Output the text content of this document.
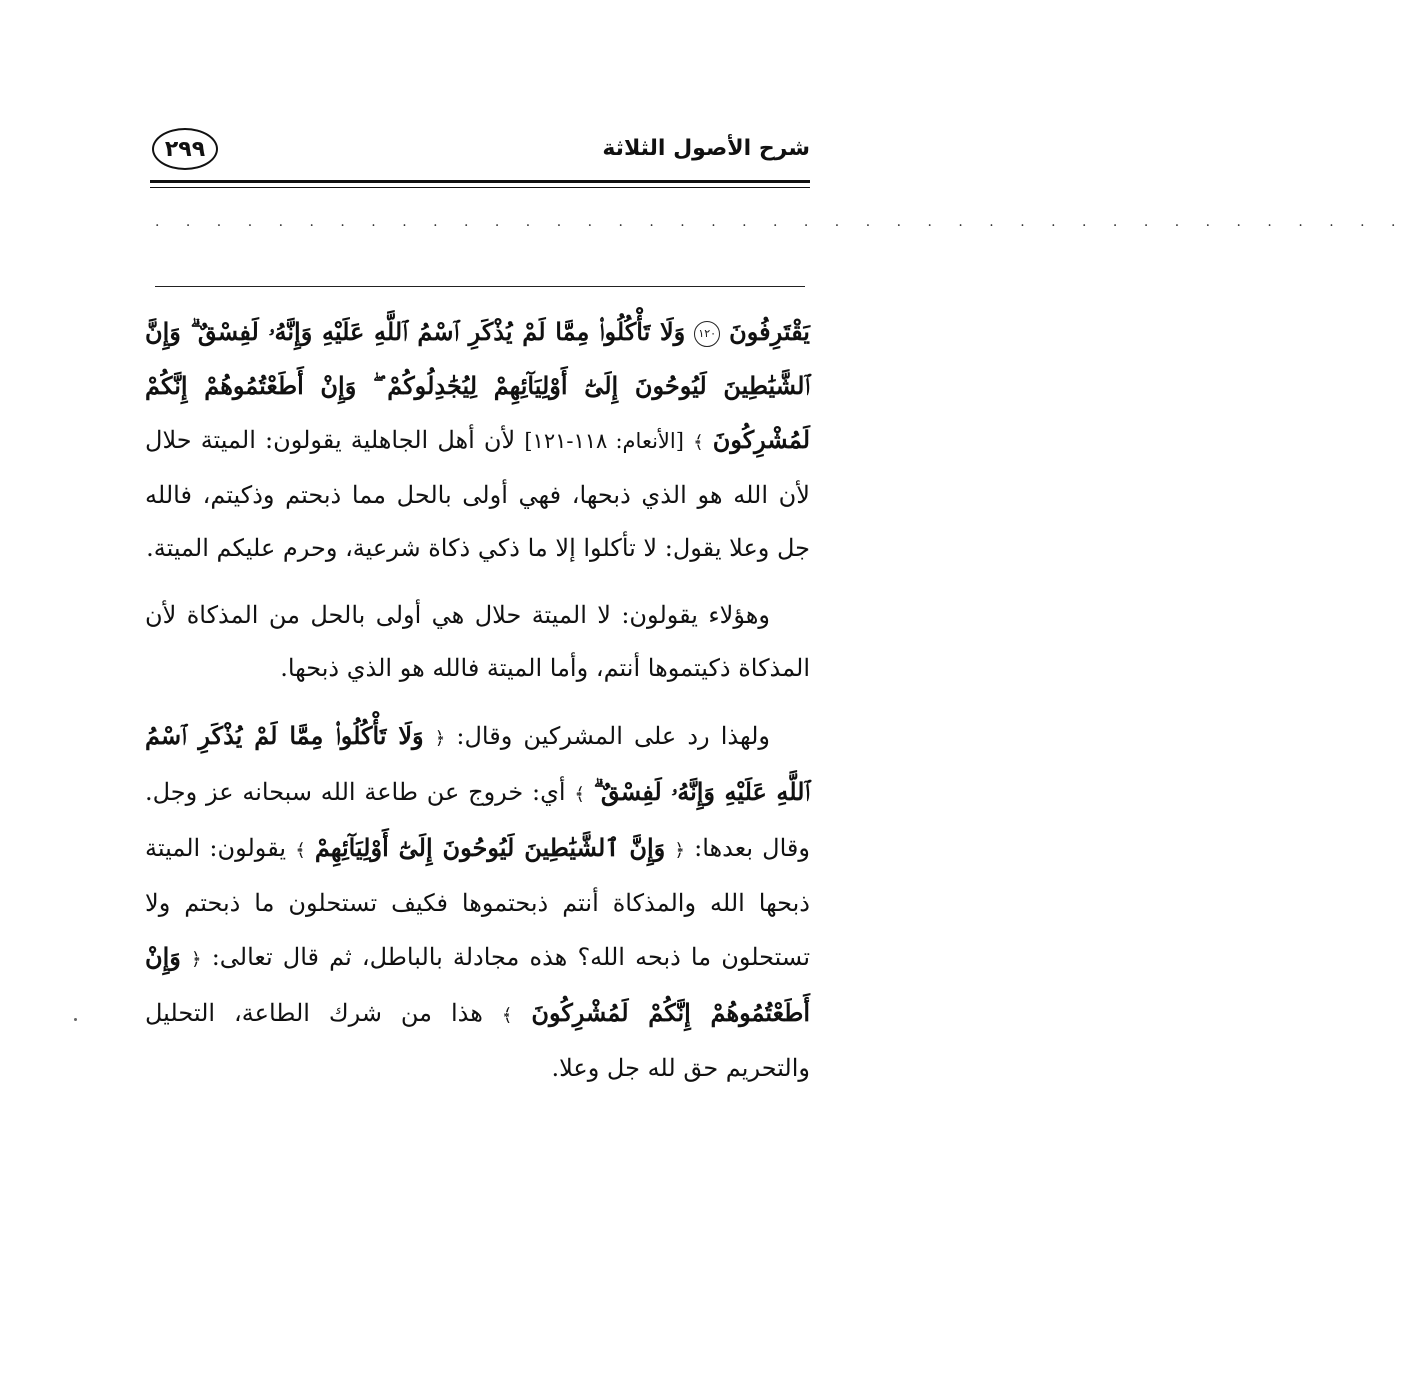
٢٩٩	شرح الأصول الثلاثة
· · · · · · · · · · · · · · · · · · · · · · · · · · · · · · · · · · · · · · · · ·

يَقْتَرِفُونَ ١٢٠ وَلَا تَأْكُلُوا۟ مِمَّا لَمْ يُذْكَرِ ٱسْمُ ٱللَّهِ عَلَيْهِ وَإِنَّهُۥ لَفِسْقٌ ۗ وَإِنَّ ٱلشَّيَٰطِينَ لَيُوحُونَ إِلَىٰٓ أَوْلِيَآئِهِمْ لِيُجَٰدِلُوكُمْ ۖ وَإِنْ أَطَعْتُمُوهُمْ إِنَّكُمْ لَمُشْرِكُونَ ﴾ [الأنعام: ١١٨-١٢١] لأن أهل الجاهلية يقولون: الميتة حلال لأن الله هو الذي ذبحها، فهي أولى بالحل مما ذبحتم وذكيتم، فالله جل وعلا يقول: لا تأكلوا إلا ما ذكي ذكاة شرعية، وحرم عليكم الميتة.

وهؤلاء يقولون: لا الميتة حلال هي أولى بالحل من المذكاة لأن المذكاة ذكيتموها أنتم، وأما الميتة فالله هو الذي ذبحها.

ولهذا رد على المشركين وقال: ﴿ وَلَا تَأْكُلُوا۟ مِمَّا لَمْ يُذْكَرِ ٱسْمُ ٱللَّهِ عَلَيْهِ وَإِنَّهُۥ لَفِسْقٌ ۗ ﴾ أي: خروج عن طاعة الله سبحانه عز وجل. وقال بعدها: ﴿ وَإِنَّ ٱلشَّيَٰطِينَ لَيُوحُونَ إِلَىٰٓ أَوْلِيَآئِهِمْ ﴾ يقولون: الميتة ذبحها الله والمذكاة أنتم ذبحتموها فكيف تستحلون ما ذبحتم ولا تستحلون ما ذبحه الله؟ هذه مجادلة بالباطل، ثم قال تعالى: ﴿ وَإِنْ أَطَعْتُمُوهُمْ إِنَّكُمْ لَمُشْرِكُونَ ﴾ هذا من شرك الطاعة، التحليل والتحريم حق لله جل وعلا.
